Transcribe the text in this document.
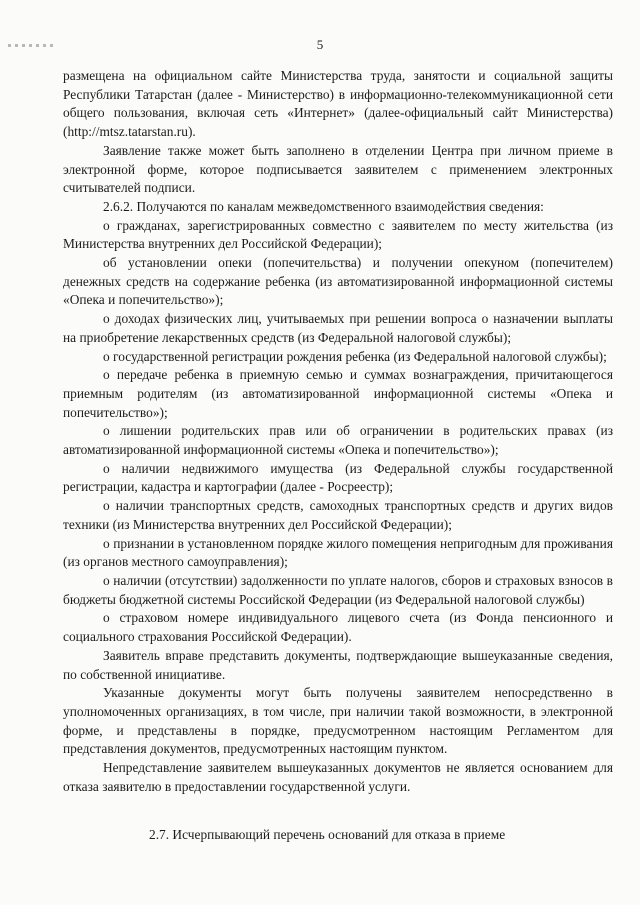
5

размещена на официальном сайте Министерства труда, занятости и социальной защиты Республики Татарстан (далее - Министерство) в информационно-телекоммуникационной сети общего пользования, включая сеть «Интернет» (далее-официальный сайт Министерства) (http://mtsz.tatarstan.ru).

Заявление также может быть заполнено в отделении Центра при личном приеме в электронной форме, которое подписывается заявителем с применением электронных считывателей подписи.

2.6.2. Получаются по каналам межведомственного взаимодействия сведения:

о гражданах, зарегистрированных совместно с заявителем по месту жительства (из Министерства внутренних дел Российской Федерации);

об установлении опеки (попечительства) и получении опекуном (попечителем) денежных средств на содержание ребенка (из автоматизированной информационной системы «Опека и попечительство»);

о доходах физических лиц, учитываемых при решении вопроса о назначении выплаты на приобретение лекарственных средств (из Федеральной налоговой службы);

о государственной регистрации рождения ребенка (из Федеральной налоговой службы);

о передаче ребенка в приемную семью и суммах вознаграждения, причитающегося приемным родителям (из автоматизированной информационной системы «Опека и попечительство»);

о лишении родительских прав или об ограничении в родительских правах (из автоматизированной информационной системы «Опека и попечительство»);

о наличии недвижимого имущества (из Федеральной службы государственной регистрации, кадастра и картографии (далее - Росреестр);

о наличии транспортных средств, самоходных транспортных средств и других видов техники (из Министерства внутренних дел Российской Федерации);

о признании в установленном порядке жилого помещения непригодным для проживания (из органов местного самоуправления);

о наличии (отсутствии) задолженности по уплате налогов, сборов и страховых взносов в бюджеты бюджетной системы Российской Федерации (из Федеральной налоговой службы)

о страховом номере индивидуального лицевого счета (из Фонда пенсионного и социального страхования Российской Федерации).

Заявитель вправе представить документы, подтверждающие вышеуказанные сведения, по собственной инициативе.

Указанные документы могут быть получены заявителем непосредственно в уполномоченных организациях, в том числе, при наличии такой возможности, в электронной форме, и представлены в порядке, предусмотренном настоящим Регламентом для представления документов, предусмотренных настоящим пунктом.

Непредставление заявителем вышеуказанных документов не является основанием для отказа заявителю в предоставлении государственной услуги.

2.7. Исчерпывающий перечень оснований для отказа в приеме
